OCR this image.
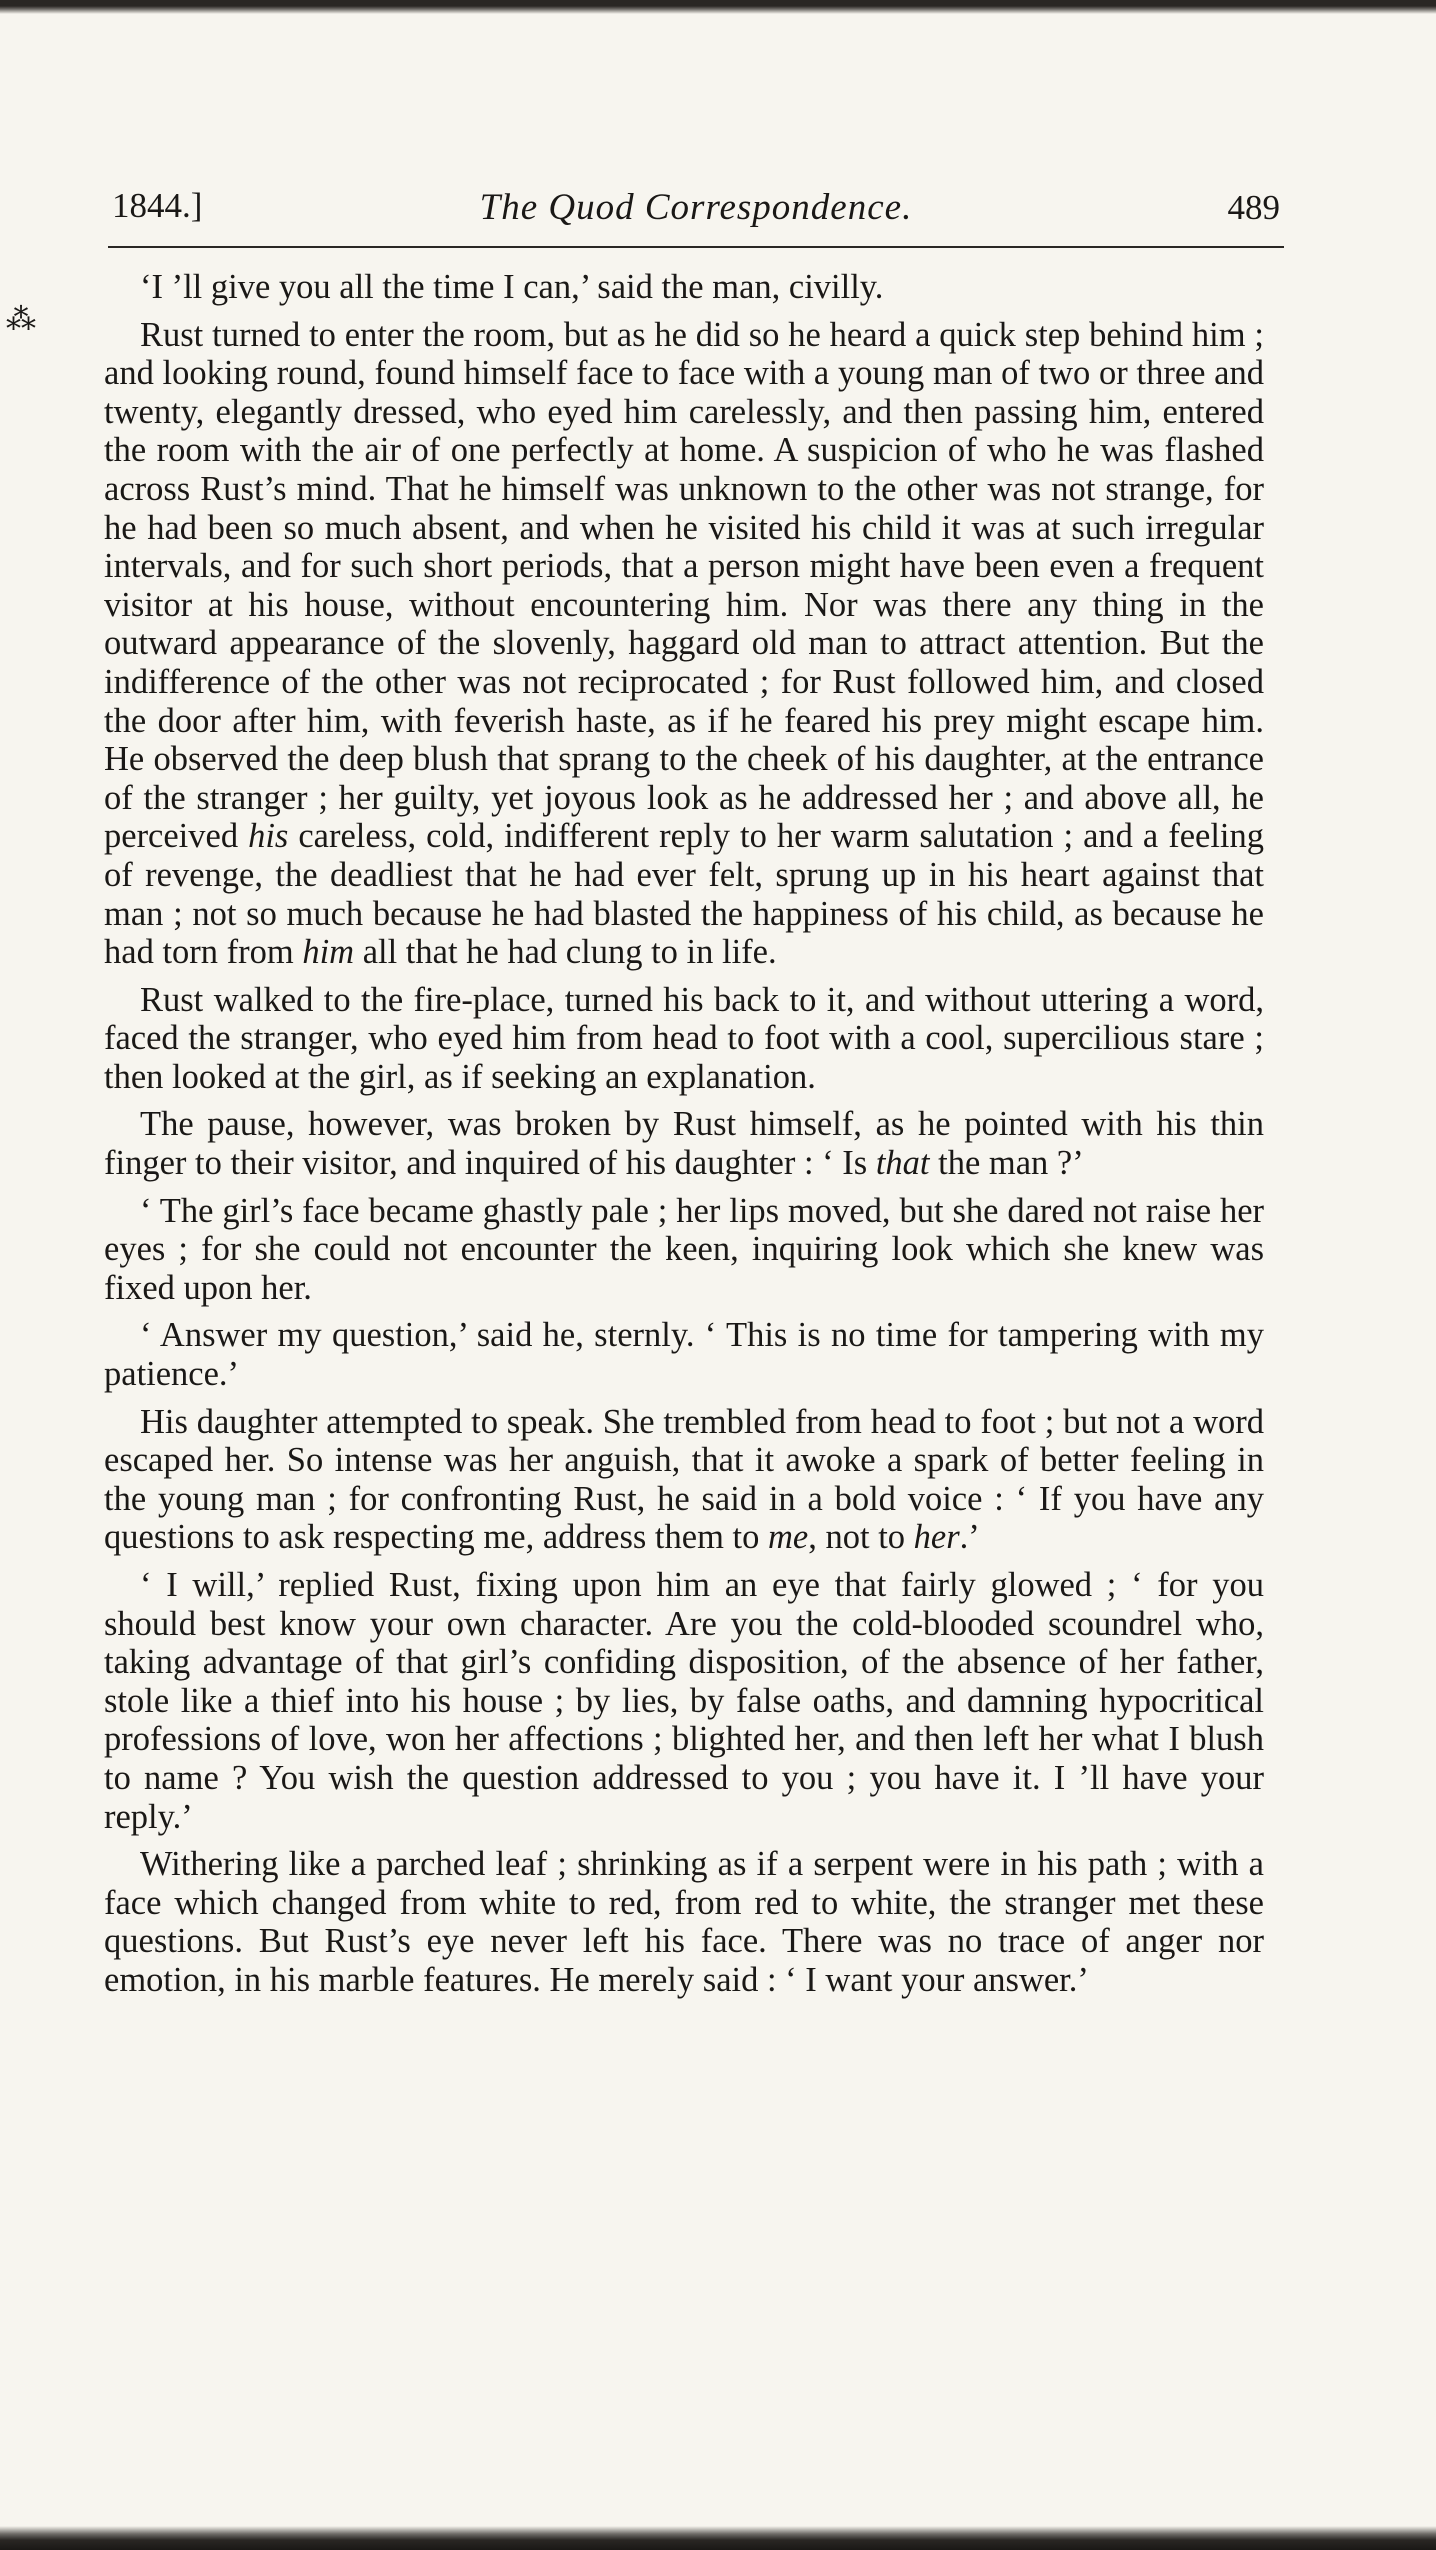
1844.]	The Quod Correspondence.	489
⁂

‘I ’ll give you all the time I can,’ said the man, civilly.

Rust turned to enter the room, but as he did so he heard a quick step behind him ; and looking round, found himself face to face with a young man of two or three and twenty, elegantly dressed, who eyed him carelessly, and then passing him, entered the room with the air of one perfectly at home. A suspicion of who he was flashed across Rust’s mind. That he himself was unknown to the other was not strange, for he had been so much absent, and when he visited his child it was at such irregular intervals, and for such short periods, that a person might have been even a frequent visitor at his house, without encountering him. Nor was there any thing in the outward appearance of the slovenly, haggard old man to attract attention. But the indifference of the other was not reciprocated ; for Rust followed him, and closed the door after him, with feverish haste, as if he feared his prey might escape him. He observed the deep blush that sprang to the cheek of his daughter, at the entrance of the stranger ; her guilty, yet joyous look as he addressed her ; and above all, he perceived his careless, cold, indifferent reply to her warm salutation ; and a feeling of revenge, the deadliest that he had ever felt, sprung up in his heart against that man ; not so much because he had blasted the happiness of his child, as because he had torn from him all that he had clung to in life.

Rust walked to the fire-place, turned his back to it, and without uttering a word, faced the stranger, who eyed him from head to foot with a cool, supercilious stare ; then looked at the girl, as if seeking an explanation.

The pause, however, was broken by Rust himself, as he pointed with his thin finger to their visitor, and inquired of his daughter : ‘ Is that the man ?’

‘ The girl’s face became ghastly pale ; her lips moved, but she dared not raise her eyes ; for she could not encounter the keen, inquiring look which she knew was fixed upon her.

‘ Answer my question,’ said he, sternly. ‘ This is no time for tampering with my patience.’

His daughter attempted to speak. She trembled from head to foot ; but not a word escaped her. So intense was her anguish, that it awoke a spark of better feeling in the young man ; for confronting Rust, he said in a bold voice : ‘ If you have any questions to ask respecting me, address them to me, not to her.’

‘ I will,’ replied Rust, fixing upon him an eye that fairly glowed ; ‘ for you should best know your own character. Are you the cold-blooded scoundrel who, taking advantage of that girl’s confiding disposition, of the absence of her father, stole like a thief into his house ; by lies, by false oaths, and damning hypocritical professions of love, won her affections ; blighted her, and then left her what I blush to name ? You wish the question addressed to you ; you have it. I ’ll have your reply.’

Withering like a parched leaf ; shrinking as if a serpent were in his path ; with a face which changed from white to red, from red to white, the stranger met these questions. But Rust’s eye never left his face. There was no trace of anger nor emotion, in his marble features. He merely said : ‘ I want your answer.’
